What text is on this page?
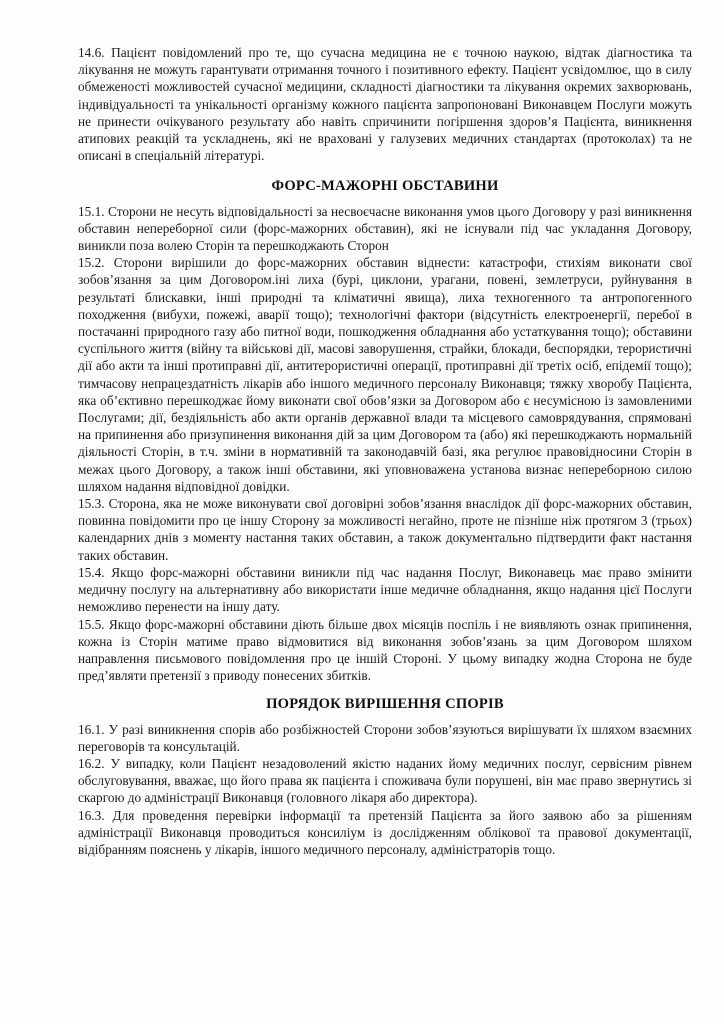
14.6. Пацієнт повідомлений про те, що сучасна медицина не є точною наукою, відтак діагностика та лікування не можуть гарантувати отримання точного і позитивного ефекту. Пацієнт усвідомлює, що в силу обмеженості можливостей сучасної медицини, складності діагностики та лікування окремих захворювань, індивідуальності та унікальності організму кожного пацієнта запропоновані Виконавцем Послуги можуть не принести очікуваного результату або навіть спричинити погіршення здоров’я Пацієнта, виникнення атипових реакцій та ускладнень, які не враховані у галузевих медичних стандартах (протоколах) та не описані в спеціальній літературі.

ФОРС-МАЖОРНІ ОБСТАВИНИ

15.1. Сторони не несуть відповідальності за несвоєчасне виконання умов цього Договору у разі виникнення обставин непереборної сили (форс-мажорних обставин), які не існували під час укладання Договору, виникли поза волею Сторін та перешкоджають Сторон

15.2. Сторони вирішили до форс-мажорних обставин віднести: катастрофи, стихіям виконати свої зобов’язання за цим Договором.іні лиха (бурі, циклони, урагани, повені, землетруси, руйнування в результаті блискавки, інші природні та кліматичні явища), лиха техногенного та антропогенного походження (вибухи, пожежі, аварії тощо); технологічні фактори (відсутність електроенергії, перебої в постачанні природного газу або питної води, пошкодження обладнання або устаткування тощо); обставини суспільного життя (війну та військові дії, масові заворушення, страйки, блокади, беспорядки, терористичні дії або акти та інші протиправні дії, антитерористичні операції, протиправні дії третіх осіб, епідемії тощо); тимчасову непрацездатність лікарів або іншого медичного персоналу Виконавця; тяжку хворобу Пацієнта, яка об’єктивно перешкоджає йому виконати свої обов’язки за Договором або є несумісною із замовленими Послугами; дії, бездіяльність або акти органів державної влади та місцевого самоврядування, спрямовані на припинення або призупинення виконання дій за цим Договором та (або) які перешкоджають нормальній діяльності Сторін, в т.ч. зміни в нормативній та законодавчій базі, яка регулює правовідносини Сторін в межах цього Договору, а також інші обставини, які уповноважена установа визнає непереборною силою шляхом надання відповідної довідки.

15.3. Сторона, яка не може виконувати свої договірні зобов’язання внаслідок дії форс-мажорних обставин, повинна повідомити про це іншу Сторону за можливості негайно, проте не пізніше ніж протягом 3 (трьох) календарних днів з моменту настання таких обставин, а також документально підтвердити факт настання таких обставин.

15.4. Якщо форс-мажорні обставини виникли під час надання Послуг, Виконавець має право змінити медичну послугу на альтернативну або використати інше медичне обладнання, якщо надання цієї Послуги неможливо перенести на іншу дату.

15.5. Якщо форс-мажорні обставини діють більше двох місяців поспіль і не виявляють ознак припинення, кожна із Сторін матиме право відмовитися від виконання зобов’язань за цим Договором шляхом направлення письмового повідомлення про це іншій Стороні. У цьому випадку жодна Сторона не буде пред’являти претензії з приводу понесених збитків.

ПОРЯДОК ВИРІШЕННЯ СПОРІВ

16.1. У разі виникнення спорів або розбіжностей Сторони зобов’язуються вирішувати їх шляхом взаємних переговорів та консультацій.

16.2. У випадку, коли Пацієнт незадоволений якістю наданих йому медичних послуг, сервісним рівнем обслуговування, вважає, що його права як пацієнта і споживача були порушені, він має право звернутись зі скаргою до адміністрації Виконавця (головного лікаря або директора).

16.3. Для проведення перевірки інформації та претензій Пацієнта за його заявою або за рішенням адміністрації Виконавця проводиться консиліум із дослідженням облікової та правової документації, відібранням пояснень у лікарів, іншого медичного персоналу, адміністраторів тощо.
